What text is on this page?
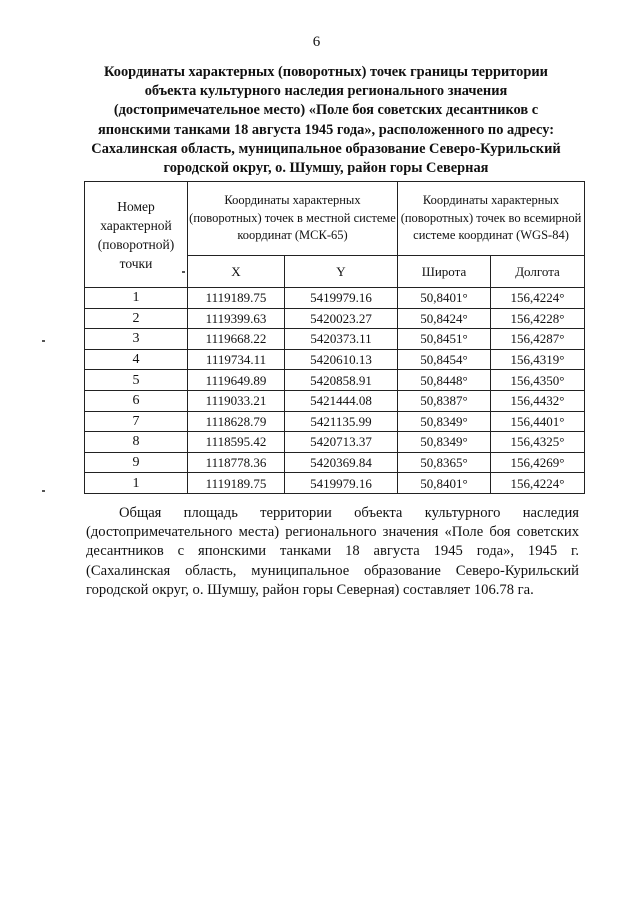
6
Координаты характерных (поворотных) точек границы территории
объекта культурного наследия регионального значения
(достопримечательное место) «Поле боя советских десантников с
японскими танками 18 августа 1945 года», расположенного по адресу:
Сахалинская область, муниципальное образование Северо-Курильский
городской округ, о. Шумшу, район горы Северная
Номер характерной (поворотной) точки	Координаты характерных (поворотных) точек в местной системе координат (МСК-65)		Координаты характерных (поворотных) точек во всемирной системе координат (WGS-84)	
	X	Y	Широта	Долгота
1	1119189.75	5419979.16	50,8401°	156,4224°
2	1119399.63	5420023.27	50,8424°	156,4228°
3	1119668.22	5420373.11	50,8451°	156,4287°
4	1119734.11	5420610.13	50,8454°	156,4319°
5	1119649.89	5420858.91	50,8448°	156,4350°
6	1119033.21	5421444.08	50,8387°	156,4432°
7	1118628.79	5421135.99	50,8349°	156,4401°
8	1118595.42	5420713.37	50,8349°	156,4325°
9	1118778.36	5420369.84	50,8365°	156,4269°
1	1119189.75	5419979.16	50,8401°	156,4224°

Общая площадь территории объекта культурного наследия
(достопримечательного места) регионального значения «Поле боя советских
десантников с японскими танками 18 августа 1945 года», 1945 г.
(Сахалинская область, муниципальное образование Северо-Курильский
городской округ, о. Шумшу, район горы Северная) составляет 106.78 га.
